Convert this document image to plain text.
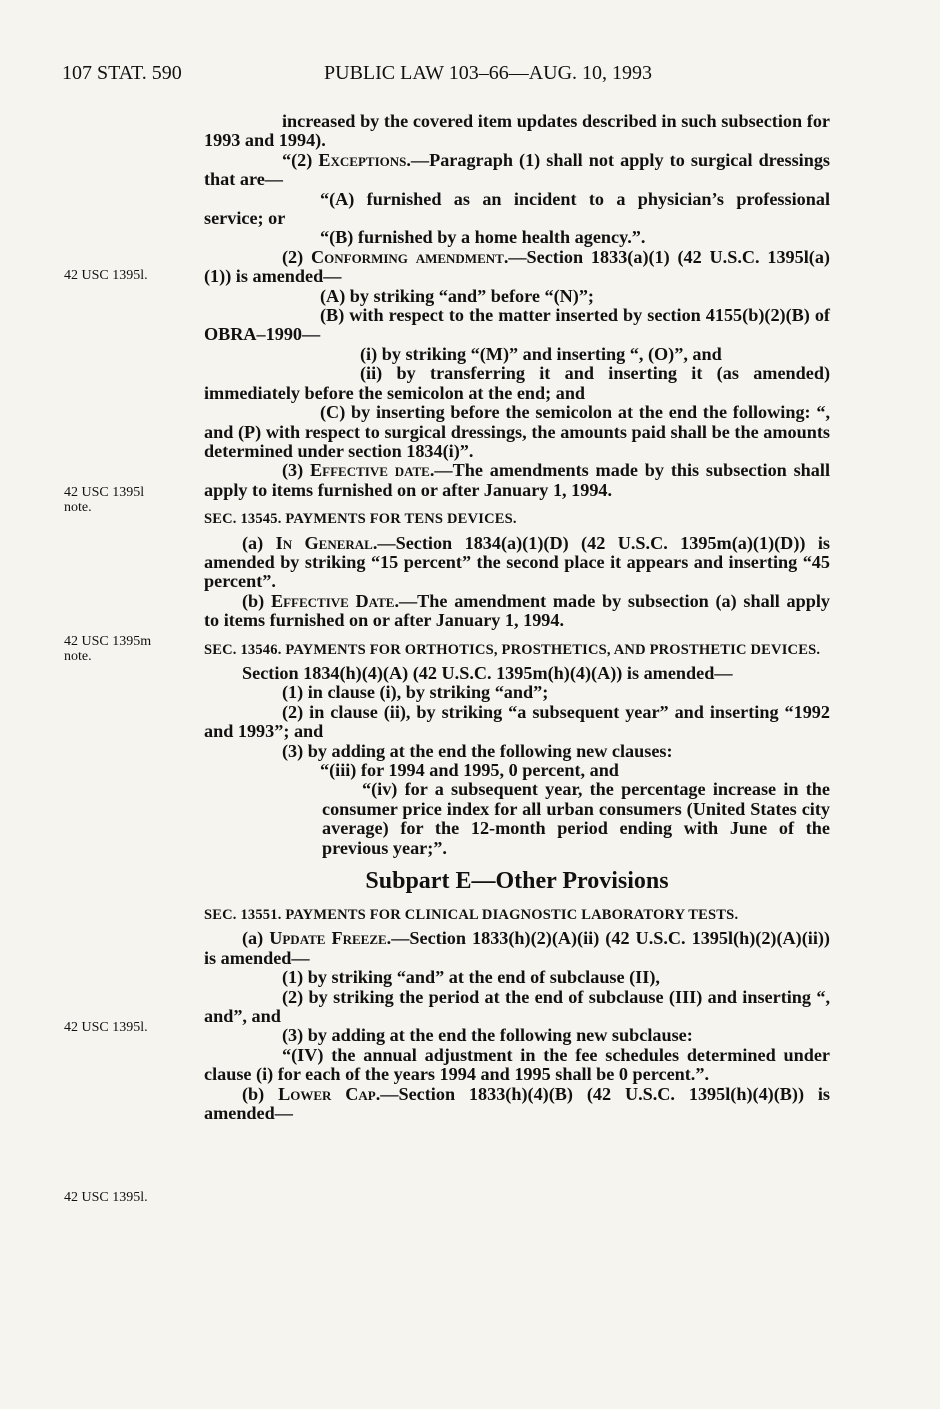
107 STAT. 590	PUBLIC LAW 103–66—AUG. 10, 1993
42 USC 1395l.
42 USC 1395l
note.
42 USC 1395m
note.
42 USC 1395l.
42 USC 1395l.

increased by the covered item updates described in such subsection for 1993 and 1994).

“(2) Exceptions.—Paragraph (1) shall not apply to surgical dressings that are—

“(A) furnished as an incident to a physician’s professional service; or

“(B) furnished by a home health agency.”.

(2) Conforming amendment.—Section 1833(a)(1) (42 U.S.C. 1395l(a)(1)) is amended—

(A) by striking “and” before “(N)”;

(B) with respect to the matter inserted by section 4155(b)(2)(B) of OBRA–1990—

(i) by striking “(M)” and inserting “, (O)”, and

(ii) by transferring it and inserting it (as amended) immediately before the semicolon at the end; and

(C) by inserting before the semicolon at the end the following: “, and (P) with respect to surgical dressings, the amounts paid shall be the amounts determined under section 1834(i)”.

(3) Effective date.—The amendments made by this subsection shall apply to items furnished on or after January 1, 1994.

SEC. 13545. PAYMENTS FOR TENS DEVICES.

(a) In General.—Section 1834(a)(1)(D) (42 U.S.C. 1395m(a)(1)(D)) is amended by striking “15 percent” the second place it appears and inserting “45 percent”.

(b) Effective Date.—The amendment made by subsection (a) shall apply to items furnished on or after January 1, 1994.

SEC. 13546. PAYMENTS FOR ORTHOTICS, PROSTHETICS, AND PROSTHETIC DEVICES.

Section 1834(h)(4)(A) (42 U.S.C. 1395m(h)(4)(A)) is amended—

(1) in clause (i), by striking “and”;

(2) in clause (ii), by striking “a subsequent year” and inserting “1992 and 1993”; and

(3) by adding at the end the following new clauses:

“(iii) for 1994 and 1995, 0 percent, and

“(iv) for a subsequent year, the percentage increase in the consumer price index for all urban consumers (United States city average) for the 12-month period ending with June of the previous year;”.

Subpart E—Other Provisions

SEC. 13551. PAYMENTS FOR CLINICAL DIAGNOSTIC LABORATORY TESTS.

(a) Update Freeze.—Section 1833(h)(2)(A)(ii) (42 U.S.C. 1395l(h)(2)(A)(ii)) is amended—

(1) by striking “and” at the end of subclause (II),

(2) by striking the period at the end of subclause (III) and inserting “, and”, and

(3) by adding at the end the following new subclause:

“(IV) the annual adjustment in the fee schedules determined under clause (i) for each of the years 1994 and 1995 shall be 0 percent.”.

(b) Lower Cap.—Section 1833(h)(4)(B) (42 U.S.C. 1395l(h)(4)(B)) is amended—
